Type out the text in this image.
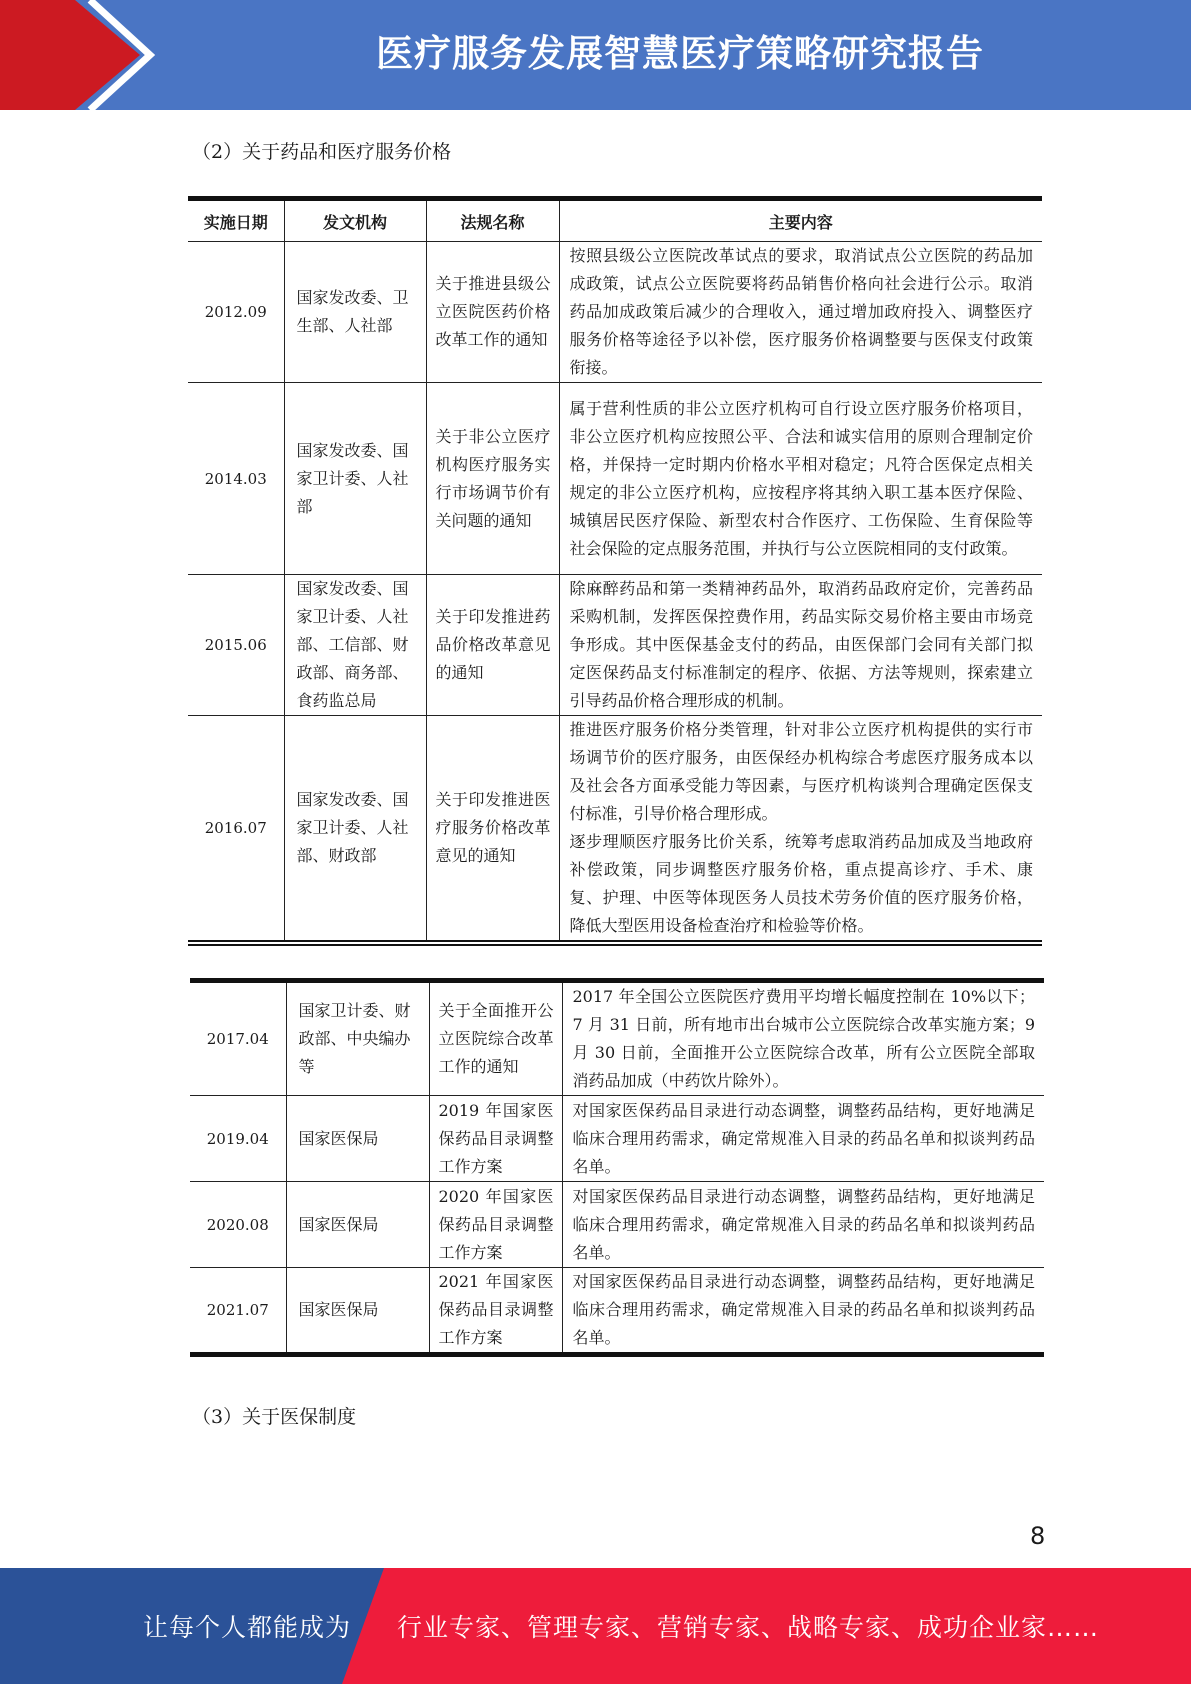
医疗服务发展智慧医疗策略研究报告
（2）关于药品和医疗服务价格
实施日期	发文机构	法规名称	主要内容
2012.09	国家发改委、卫生部、人社部	关于推进县级公立医院医药价格改革工作的通知	按照县级公立医院改革试点的要求，取消试点公立医院的药品加成政策，试点公立医院要将药品销售价格向社会进行公示。取消药品加成政策后减少的合理收入，通过增加政府投入、调整医疗服务价格等途径予以补偿，医疗服务价格调整要与医保支付政策衔接。
2014.03	国家发改委、国家卫计委、人社部	关于非公立医疗机构医疗服务实行市场调节价有关问题的通知	属于营利性质的非公立医疗机构可自行设立医疗服务价格项目，非公立医疗机构应按照公平、合法和诚实信用的原则合理制定价格，并保持一定时期内价格水平相对稳定；凡符合医保定点相关规定的非公立医疗机构，应按程序将其纳入职工基本医疗保险、城镇居民医疗保险、新型农村合作医疗、工伤保险、生育保险等社会保险的定点服务范围，并执行与公立医院相同的支付政策。
2015.06	国家发改委、国家卫计委、人社部、工信部、财政部、商务部、食药监总局	关于印发推进药品价格改革意见的通知	除麻醉药品和第一类精神药品外，取消药品政府定价，完善药品采购机制，发挥医保控费作用，药品实际交易价格主要由市场竞争形成。其中医保基金支付的药品，由医保部门会同有关部门拟定医保药品支付标准制定的程序、依据、方法等规则，探索建立引导药品价格合理形成的机制。
2016.07	国家发改委、国家卫计委、人社部、财政部	关于印发推进医疗服务价格改革意见的通知	推进医疗服务价格分类管理，针对非公立医疗机构提供的实行市场调节价的医疗服务，由医保经办机构综合考虑医疗服务成本以及社会各方面承受能力等因素，与医疗机构谈判合理确定医保支付标准，引导价格合理形成。
逐步理顺医疗服务比价关系，统筹考虑取消药品加成及当地政府补偿政策，同步调整医疗服务价格，重点提高诊疗、手术、康复、护理、中医等体现医务人员技术劳务价值的医疗服务价格，降低大型医用设备检查治疗和检验等价格。
2017.04	国家卫计委、财政部、中央编办等	关于全面推开公立医院综合改革工作的通知	2017 年全国公立医院医疗费用平均增长幅度控制在 10%以下；7 月 31 日前，所有地市出台城市公立医院综合改革实施方案；9 月 30 日前，全面推开公立医院综合改革，所有公立医院全部取消药品加成（中药饮片除外）。
2019.04	国家医保局	2019 年国家医保药品目录调整工作方案	对国家医保药品目录进行动态调整，调整药品结构，更好地满足临床合理用药需求，确定常规准入目录的药品名单和拟谈判药品名单。
2020.08	国家医保局	2020 年国家医保药品目录调整工作方案	对国家医保药品目录进行动态调整，调整药品结构，更好地满足临床合理用药需求，确定常规准入目录的药品名单和拟谈判药品名单。
2021.07	国家医保局	2021 年国家医保药品目录调整工作方案	对国家医保药品目录进行动态调整，调整药品结构，更好地满足临床合理用药需求，确定常规准入目录的药品名单和拟谈判药品名单。
（3）关于医保制度
8
让每个人都能成为 行业专家、管理专家、营销专家、战略专家、成功企业家……
